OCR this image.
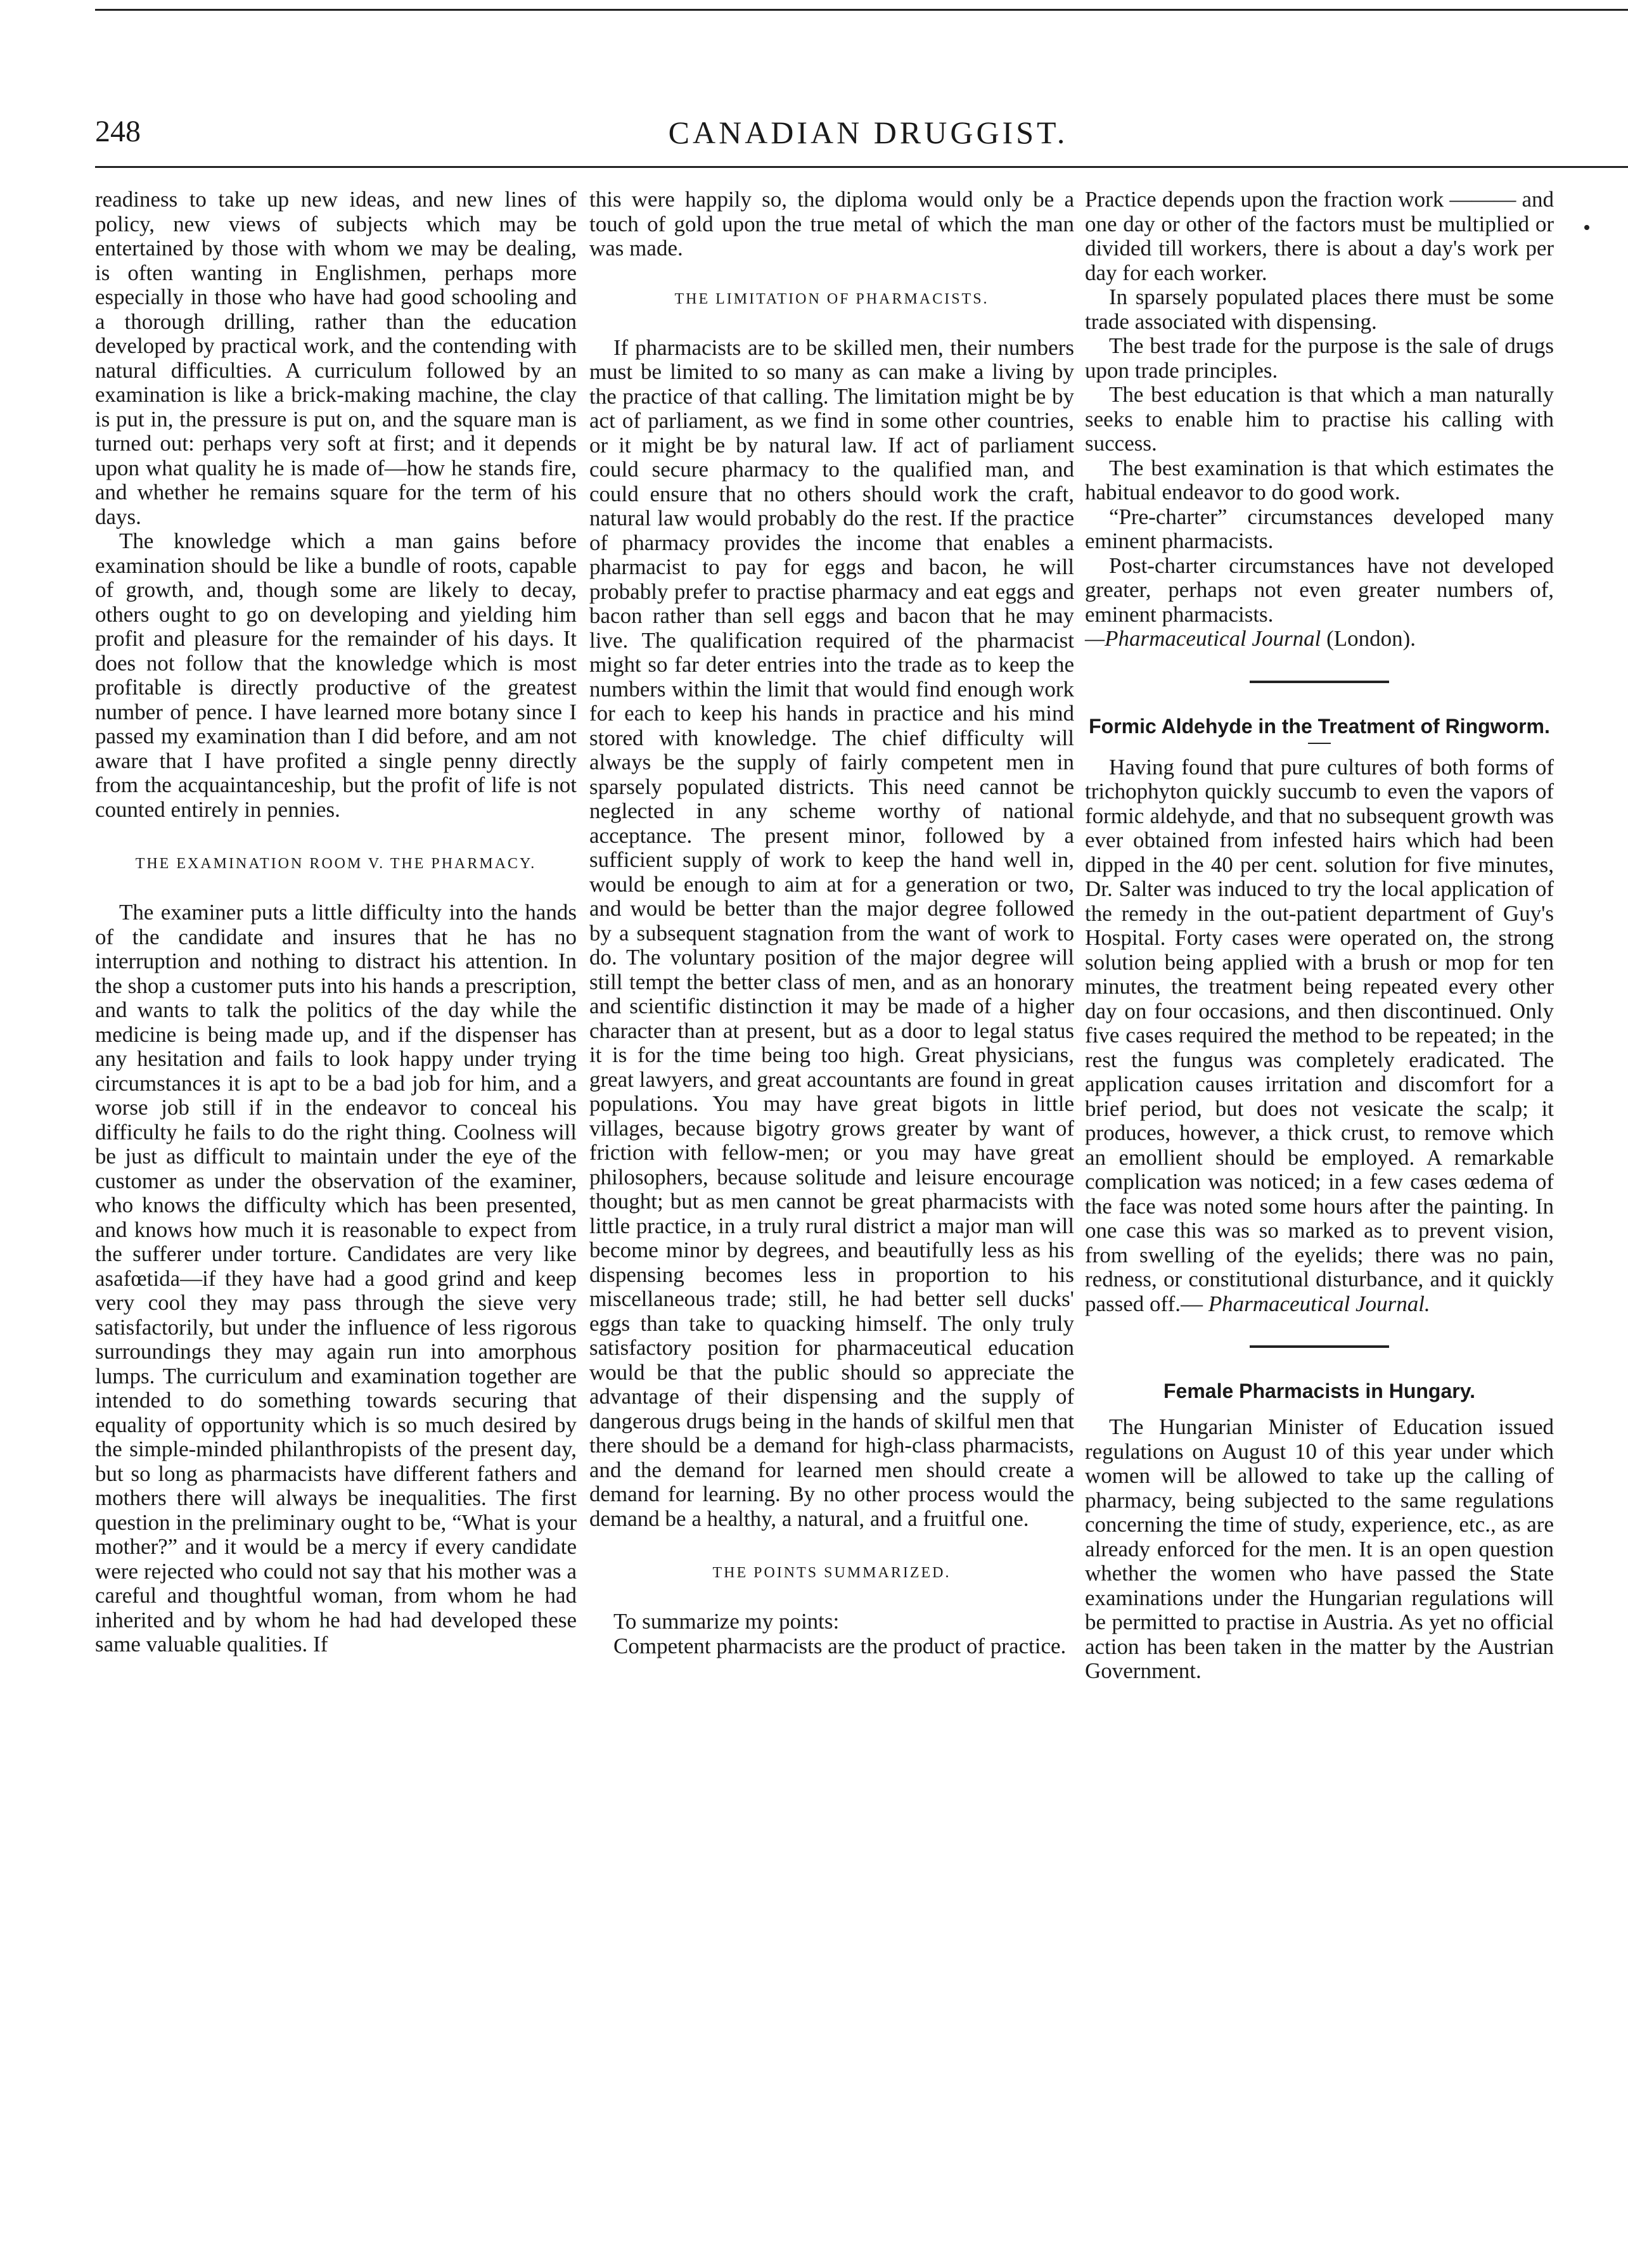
248	CANADIAN DRUGGIST.

readiness to take up new ideas, and new lines of policy, new views of subjects which may be entertained by those with whom we may be dealing, is often wanting in Englishmen, perhaps more especially in those who have had good schooling and a thorough drilling, rather than the education developed by practical work, and the contending with natural difficulties. A curriculum followed by an examination is like a brick-making machine, the clay is put in, the pressure is put on, and the square man is turned out: perhaps very soft at first; and it depends upon what quality he is made of—how he stands fire, and whether he remains square for the term of his days.

The knowledge which a man gains before examination should be like a bundle of roots, capable of growth, and, though some are likely to decay, others ought to go on developing and yielding him profit and pleasure for the remainder of his days. It does not follow that the knowledge which is most profitable is directly productive of the greatest number of pence. I have learned more botany since I passed my examination than I did before, and am not aware that I have profited a single penny directly from the acquaintanceship, but the profit of life is not counted entirely in pennies.

THE EXAMINATION ROOM V. THE PHARMACY.

The examiner puts a little difficulty into the hands of the candidate and insures that he has no interruption and nothing to distract his attention. In the shop a customer puts into his hands a prescription, and wants to talk the politics of the day while the medicine is being made up, and if the dispenser has any hesitation and fails to look happy under trying circumstances it is apt to be a bad job for him, and a worse job still if in the endeavor to conceal his difficulty he fails to do the right thing. Coolness will be just as difficult to maintain under the eye of the customer as under the observation of the examiner, who knows the difficulty which has been presented, and knows how much it is reasonable to expect from the sufferer under torture. Candidates are very like asafœtida—if they have had a good grind and keep very cool they may pass through the sieve very satisfactorily, but under the influence of less rigorous surroundings they may again run into amorphous lumps. The curriculum and examination together are intended to do something towards securing that equality of opportunity which is so much desired by the simple-minded philanthropists of the present day, but so long as pharmacists have different fathers and mothers there will always be inequalities. The first question in the preliminary ought to be, “What is your mother?” and it would be a mercy if every candidate were rejected who could not say that his mother was a careful and thoughtful woman, from whom he had inherited and by whom he had had developed these same valuable qualities. If

this were happily so, the diploma would only be a touch of gold upon the true metal of which the man was made.

THE LIMITATION OF PHARMACISTS.

If pharmacists are to be skilled men, their numbers must be limited to so many as can make a living by the practice of that calling. The limitation might be by act of parliament, as we find in some other countries, or it might be by natural law. If act of parliament could secure pharmacy to the qualified man, and could ensure that no others should work the craft, natural law would probably do the rest. If the practice of pharmacy provides the income that enables a pharmacist to pay for eggs and bacon, he will probably prefer to practise pharmacy and eat eggs and bacon rather than sell eggs and bacon that he may live. The qualification required of the pharmacist might so far deter entries into the trade as to keep the numbers within the limit that would find enough work for each to keep his hands in practice and his mind stored with knowledge. The chief difficulty will always be the supply of fairly competent men in sparsely populated districts. This need cannot be neglected in any scheme worthy of national acceptance. The present minor, followed by a sufficient supply of work to keep the hand well in, would be enough to aim at for a generation or two, and would be better than the major degree followed by a subsequent stagnation from the want of work to do. The voluntary position of the major degree will still tempt the better class of men, and as an honorary and scientific distinction it may be made of a higher character than at present, but as a door to legal status it is for the time being too high. Great physicians, great lawyers, and great accountants are found in great populations. You may have great bigots in little villages, because bigotry grows greater by want of friction with fellow-men; or you may have great philosophers, because solitude and leisure encourage thought; but as men cannot be great pharmacists with little practice, in a truly rural district a major man will become minor by degrees, and beautifully less as his dispensing becomes less in proportion to his miscellaneous trade; still, he had better sell ducks' eggs than take to quacking himself. The only truly satisfactory position for pharmaceutical education would be that the public should so appreciate the advantage of their dispensing and the supply of dangerous drugs being in the hands of skilful men that there should be a demand for high-class pharmacists, and the demand for learned men should create a demand for learning. By no other process would the demand be a healthy, a natural, and a fruitful one.

THE POINTS SUMMARIZED.

To summarize my points:

Competent pharmacists are the product of practice.

Practice depends upon the fraction work ——— and one day or other of the factors must be multiplied or divided till workers, there is about a day's work per day for each worker.

In sparsely populated places there must be some trade associated with dispensing.

The best trade for the purpose is the sale of drugs upon trade principles.

The best education is that which a man naturally seeks to enable him to practise his calling with success.

The best examination is that which estimates the habitual endeavor to do good work.

“Pre-charter” circumstances developed many eminent pharmacists.

Post-charter circumstances have not developed greater, perhaps not even greater numbers of, eminent pharmacists.
—Pharmaceutical Journal (London).

Formic Aldehyde in the Treatment of Ringworm.

Having found that pure cultures of both forms of trichophyton quickly succumb to even the vapors of formic aldehyde, and that no subsequent growth was ever obtained from infested hairs which had been dipped in the 40 per cent. solution for five minutes, Dr. Salter was induced to try the local application of the remedy in the out-patient department of Guy's Hospital. Forty cases were operated on, the strong solution being applied with a brush or mop for ten minutes, the treatment being repeated every other day on four occasions, and then discontinued. Only five cases required the method to be repeated; in the rest the fungus was completely eradicated. The application causes irritation and discomfort for a brief period, but does not vesicate the scalp; it produces, however, a thick crust, to remove which an emollient should be employed. A remarkable complication was noticed; in a few cases œdema of the face was noted some hours after the painting. In one case this was so marked as to prevent vision, from swelling of the eyelids; there was no pain, redness, or constitutional disturbance, and it quickly passed off.— Pharmaceutical Journal.

Female Pharmacists in Hungary.

The Hungarian Minister of Education issued regulations on August 10 of this year under which women will be allowed to take up the calling of pharmacy, being subjected to the same regulations concerning the time of study, experience, etc., as are already enforced for the men. It is an open question whether the women who have passed the State examinations under the Hungarian regulations will be permitted to practise in Austria. As yet no official action has been taken in the matter by the Austrian Government.
